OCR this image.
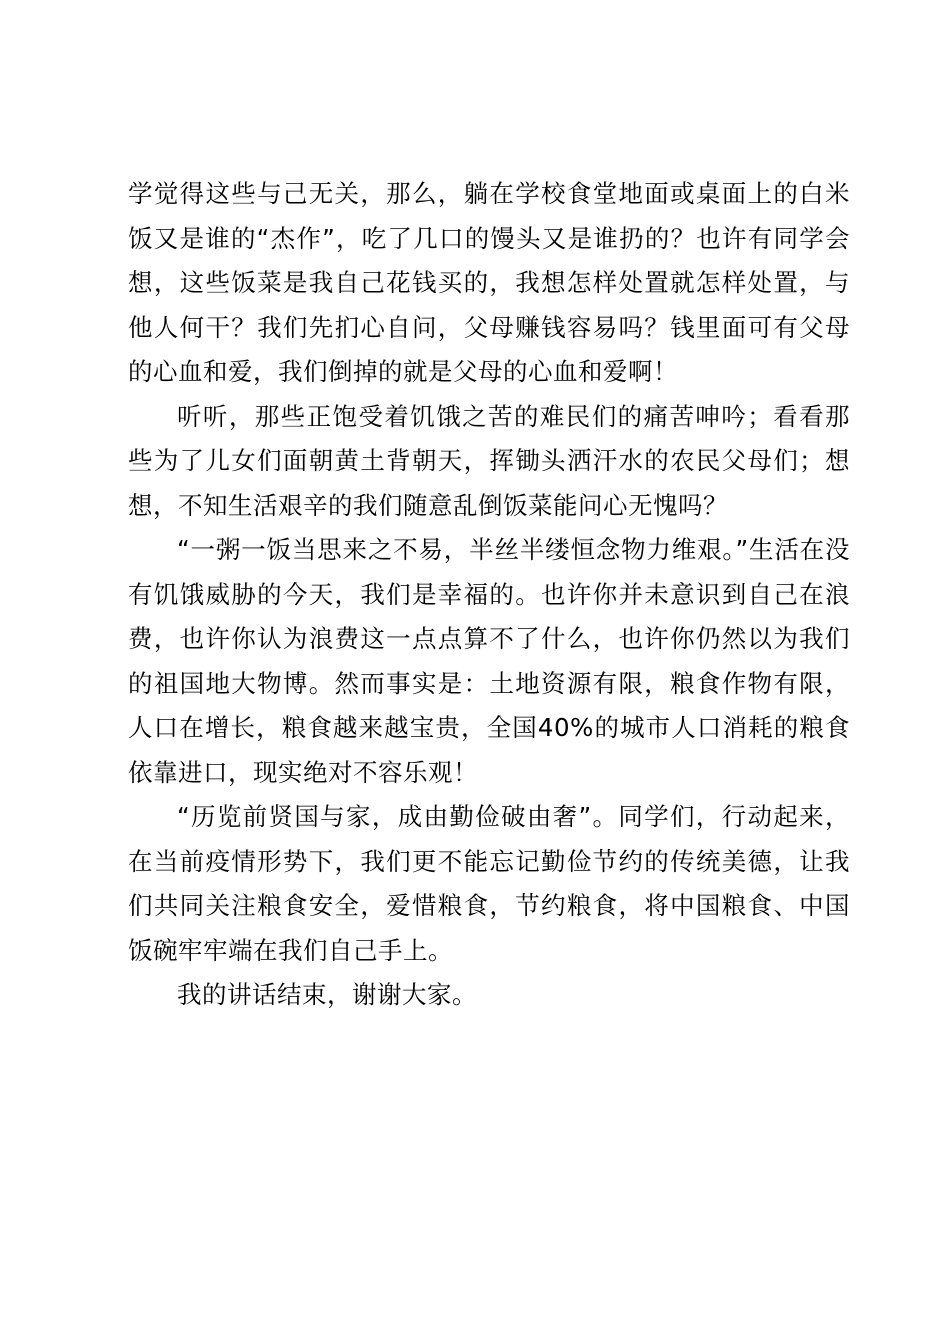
学觉得这些与己无关，那么，躺在学校食堂地面或桌面上的白米饭又是谁的“杰作”，吃了几口的馒头又是谁扔的？也许有同学会想，这些饭菜是我自己花钱买的，我想怎样处置就怎样处置，与他人何干？我们先扪心自问，父母赚钱容易吗？钱里面可有父母的心血和爱，我们倒掉的就是父母的心血和爱啊！

听听，那些正饱受着饥饿之苦的难民们的痛苦呻吟；看看那些为了儿女们面朝黄土背朝天，挥锄头洒汗水的农民父母们；想想，不知生活艰辛的我们随意乱倒饭菜能问心无愧吗？

“一粥一饭当思来之不易，半丝半缕恒念物力维艰。”生活在没有饥饿威胁的今天，我们是幸福的。也许你并未意识到自己在浪费，也许你认为浪费这一点点算不了什么，也许你仍然以为我们的祖国地大物博。然而事实是：土地资源有限，粮食作物有限，人口在增长，粮食越来越宝贵，全国40%的城市人口消耗的粮食依靠进口，现实绝对不容乐观！

“历览前贤国与家，成由勤俭破由奢”。同学们，行动起来，在当前疫情形势下，我们更不能忘记勤俭节约的传统美德，让我们共同关注粮食安全，爱惜粮食，节约粮食，将中国粮食、中国饭碗牢牢端在我们自己手上。

我的讲话结束，谢谢大家。
